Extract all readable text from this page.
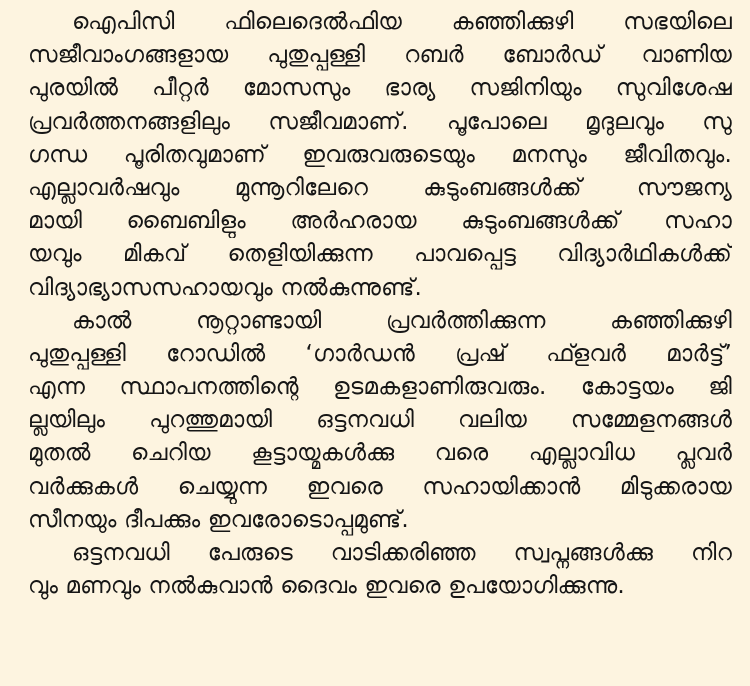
ഐപിസി ഫിലെദെൽഫിയ കഞ്ഞിക്കുഴി സഭയിലെ
സജീവാംഗങ്ങളായ പുതുപ്പള്ളി റബർ ബോർഡ് വാണിയ
പുരയിൽ പീറ്റർ മോസസും ഭാര്യ സജിനിയും സുവിശേഷ
പ്രവർത്തനങ്ങളിലും സജീവമാണ്. പൂപോലെ മൃദുലവും സു
ഗന്ധ പൂരിതവുമാണ് ഇവരുവരുടെയും മനസും ജീവിതവും.
എല്ലാവർഷവും മുന്നൂറിലേറെ കുടുംബങ്ങൾക്ക് സൗജന്യ
മായി ബൈബിളും അർഹരായ കുടുംബങ്ങൾക്ക് സഹാ
യവും മികവ് തെളിയിക്കുന്ന പാവപ്പെട്ട വിദ്യാർഥികൾക്ക്
വിദ്യാഭ്യാസസഹായവും നൽകുന്നുണ്ട്.
കാൽ നൂറ്റാണ്ടായി പ്രവർത്തിക്കുന്ന കഞ്ഞിക്കുഴി
പുതുപ്പള്ളി റോഡിൽ ‘ഗാർഡൻ പ്രഷ് ഫ്ളവർ മാർട്ട്’
എന്ന സ്ഥാപനത്തിന്റെ ഉടമകളാണിരുവരും. കോട്ടയം ജി
ല്ലയിലും പുറത്തുമായി ഒട്ടനവധി വലിയ സമ്മേളനങ്ങൾ
മുതൽ ചെറിയ കൂട്ടായ്മകൾക്കു വരെ എല്ലാവിധ പ്ലവർ
വർക്കുകൾ ചെയ്യുന്ന ഇവരെ സഹായിക്കാൻ മിടുക്കരായ
സീനയും ദീപക്കും ഇവരോടൊപ്പമുണ്ട്.
ഒട്ടനവധി പേരുടെ വാടിക്കരിഞ്ഞ സ്വപ്നങ്ങൾക്കു നിറ
വും മണവും നൽകുവാൻ ദൈവം ഇവരെ ഉപയോഗിക്കുന്നു.
